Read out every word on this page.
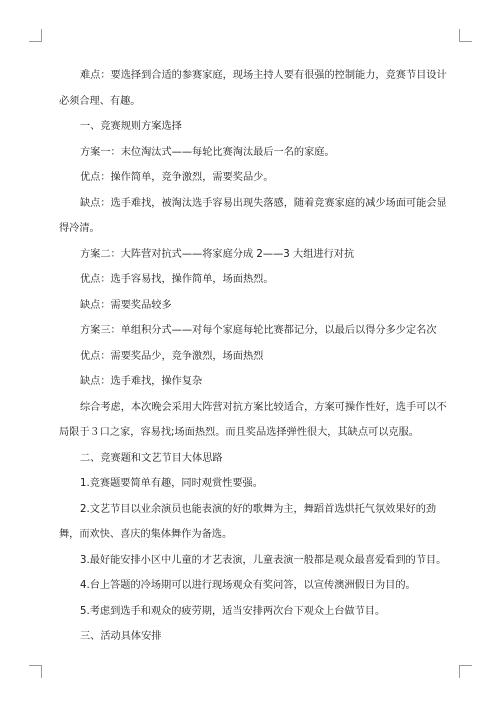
难点：要选择到合适的参赛家庭，现场主持人要有很强的控制能力，竞赛节目设计必须合理、有趣。

一、竞赛规则方案选择

方案一：末位淘汰式——每轮比赛淘汰最后一名的家庭。

优点：操作简单，竞争激烈，需要奖品少。

缺点：选手难找，被淘汰选手容易出现失落感，随着竞赛家庭的减少场面可能会显得冷清。

方案二：大阵营对抗式——将家庭分成 2——3 大组进行对抗

优点：选手容易找，操作简单，场面热烈。

缺点：需要奖品较多

方案三：单组积分式——对每个家庭每轮比赛都记分，以最后以得分多少定名次

优点：需要奖品少，竞争激烈，场面热烈

缺点：选手难找，操作复杂

综合考虑，本次晚会采用大阵营对抗方案比较适合，方案可操作性好，选手可以不局限于３口之家，容易找;场面热烈。而且奖品选择弹性很大，其缺点可以克服。

二、竞赛题和文艺节目大体思路

1.竞赛题要简单有趣，同时观赏性要强。

2.文艺节目以业余演员也能表演的好的歌舞为主，舞蹈首选烘托气氛效果好的劲舞，而欢快、喜庆的集体舞作为备选。

3.最好能安排小区中儿童的才艺表演，儿童表演一般都是观众最喜爱看到的节目。

4.台上答题的冷场期可以进行现场观众有奖问答，以宣传澳洲假日为目的。

5.考虑到选手和观众的疲劳期，适当安排两次台下观众上台做节目。

三、活动具体安排
